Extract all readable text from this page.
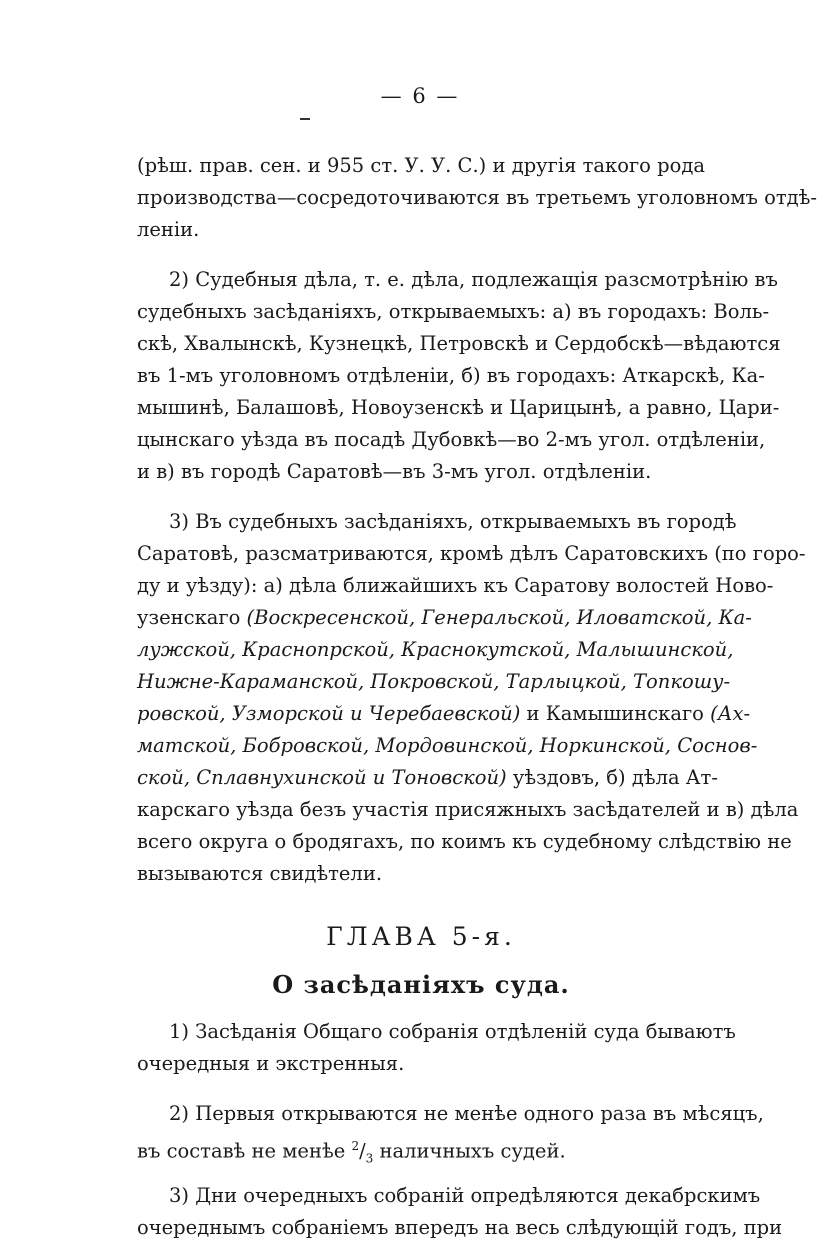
— 6 —
(рѣш. прав. сен. и 955 ст. У. У. С.) и другія такого рода
производства—сосредоточиваются въ третьемъ уголовномъ отдѣ-
леніи.
2) Судебныя дѣла, т. е. дѣла, подлежащія разсмотрѣнію въ
судебныхъ засѣданіяхъ, открываемыхъ: а) въ городахъ: Воль-
скѣ, Хвалынскѣ, Кузнецкѣ, Петровскѣ и Сердобскѣ—вѣдаются
въ 1-мъ уголовномъ отдѣленіи, б) въ городахъ: Аткарскѣ, Ка-
мышинѣ, Балашовѣ, Новоузенскѣ и Царицынѣ, а равно, Цари-
цынскаго уѣзда въ посадѣ Дубовкѣ—во 2-мъ угол. отдѣленіи,
и в) въ городѣ Саратовѣ—въ 3-мъ угол. отдѣленіи.
3) Въ судебныхъ засѣданіяхъ, открываемыхъ въ городѣ
Саратовѣ, разсматриваются, кромѣ дѣлъ Саратовскихъ (по горо-
ду и уѣзду): а) дѣла ближайшихъ къ Саратову волостей Ново-
узенскаго (Воскресенской, Генеральской, Иловатской, Ка-
лужской, Краснопрской, Краснокутской, Малышинской,
Нижне-Караманской, Покровской, Тарлыцкой, Топкошу-
ровской, Узморской и Черебаевской) и Камышинскаго (Ах-
матской, Бобровской, Мордовинской, Норкинской, Соснов-
ской, Сплавнухинской и Тоновской) уѣздовъ, б) дѣла Ат-
карскаго уѣзда безъ участія присяжныхъ засѣдателей и в) дѣла
всего округа о бродягахъ, по коимъ къ судебному слѣдствію не
вызываются свидѣтели.
ГЛАВА 5-я.
О засѣданіяхъ суда.
1) Засѣданія Общаго собранія отдѣленій суда бываютъ
очередныя и экстренныя.
2) Первыя открываются не менѣе одного раза въ мѣсяцъ,
въ составѣ не менѣе $^2/_3$ наличныхъ судей.
3) Дни очередныхъ собраній опредѣляются декабрскимъ
очереднымъ собраніемъ впередъ на весь слѣдующій годъ, при
